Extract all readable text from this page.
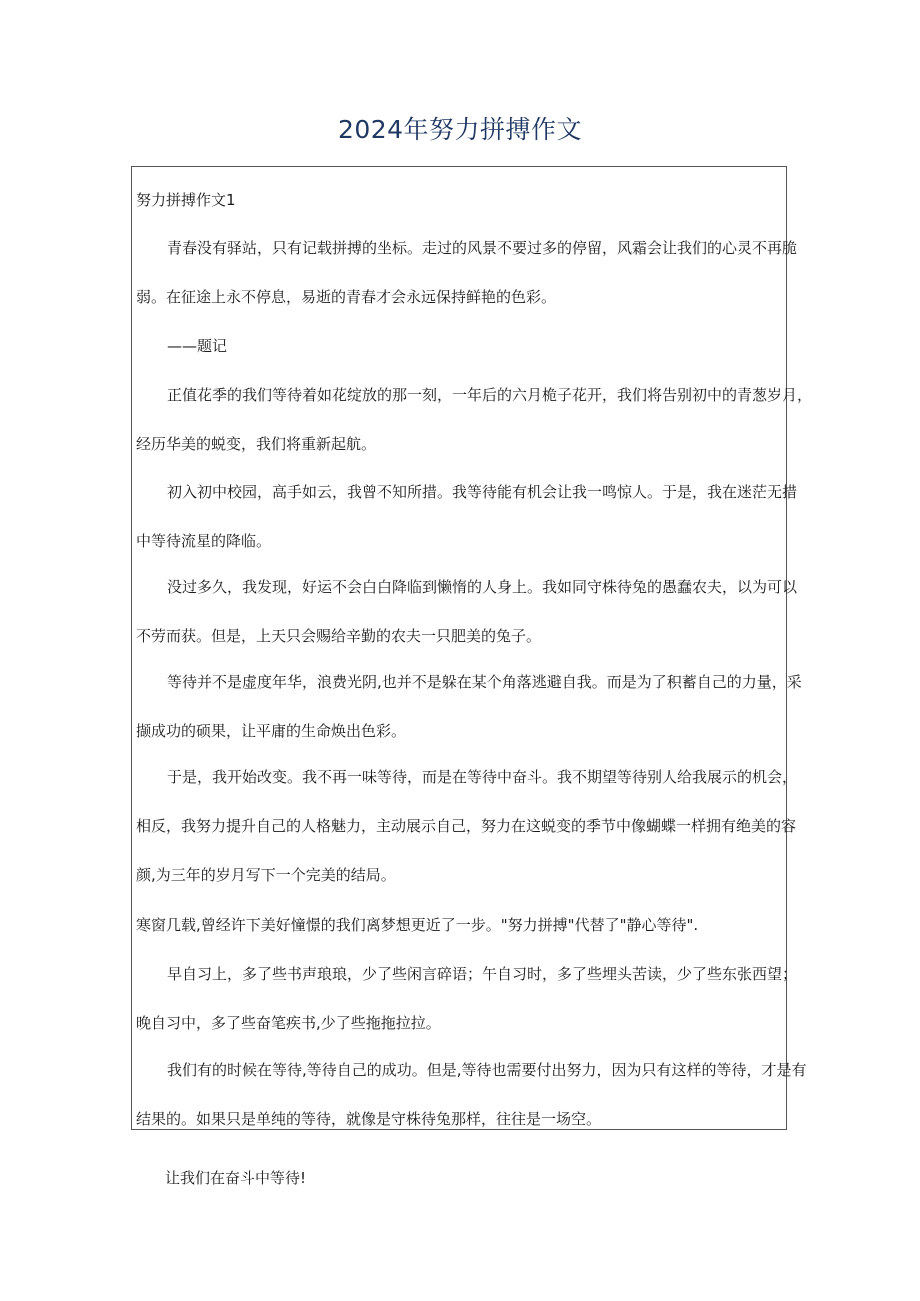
2024年努力拼搏作文
努力拼搏作文1
青春没有驿站，只有记载拼搏的坐标。走过的风景不要过多的停留，风霜会让我们的心灵不再脆
弱。在征途上永不停息，易逝的青春才会永远保持鲜艳的色彩。
——题记
正值花季的我们等待着如花绽放的那一刻，一年后的六月桅子花开，我们将告别初中的青葱岁月，
经历华美的蜕变，我们将重新起航。
初入初中校园，高手如云，我曾不知所措。我等待能有机会让我一鸣惊人。于是，我在迷茫无措
中等待流星的降临。
没过多久，我发现，好运不会白白降临到懒惰的人身上。我如同守株待兔的愚蠢农夫，以为可以
不劳而获。但是，上天只会赐给辛勤的农夫一只肥美的兔子。
等待并不是虚度年华，浪费光阴,也并不是躲在某个角落逃避自我。而是为了积蓄自己的力量，采
撷成功的硕果，让平庸的生命焕出色彩。
于是，我开始改变。我不再一味等待，而是在等待中奋斗。我不期望等待别人给我展示的机会，
相反，我努力提升自己的人格魅力，主动展示自己，努力在这蜕变的季节中像蝴蝶一样拥有绝美的容
颜,为三年的岁月写下一个完美的结局。
寒窗几载,曾经许下美好憧憬的我们离梦想更近了一步。"努力拼搏"代替了"静心等待".
早自习上，多了些书声琅琅，少了些闲言碎语；午自习时，多了些埋头苦读，少了些东张西望；
晚自习中，多了些奋笔疾书,少了些拖拖拉拉。
我们有的时候在等待,等待自己的成功。但是,等待也需要付出努力，因为只有这样的等待，才是有
结果的。如果只是单纯的等待，就像是守株待兔那样，往往是一场空。
让我们在奋斗中等待!
